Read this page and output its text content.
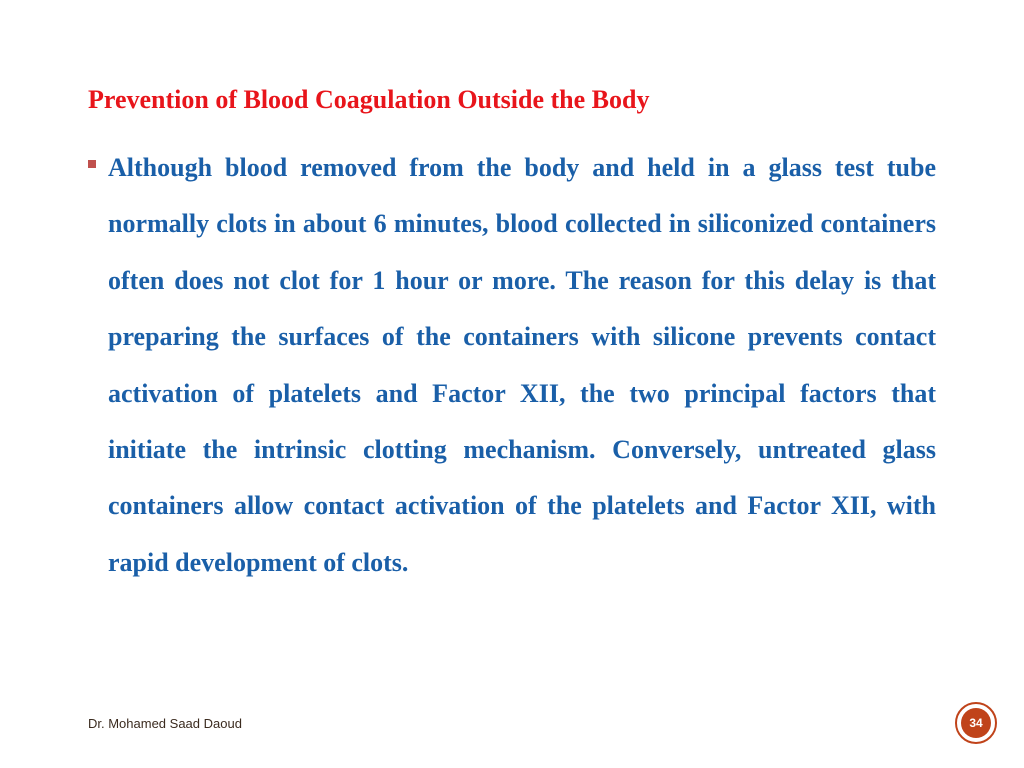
Prevention of Blood Coagulation Outside the Body

Although blood removed from the body and held in a glass test tube normally clots in about 6 minutes, blood collected in siliconized containers often does not clot for 1 hour or more. The reason for this delay is that preparing the surfaces of the containers with silicone prevents contact activation of platelets and Factor XII, the two principal factors that initiate the intrinsic clotting mechanism. Conversely, untreated glass containers allow contact activation of the platelets and Factor XII, with rapid development of clots.

Dr. Mohamed Saad Daoud	34
